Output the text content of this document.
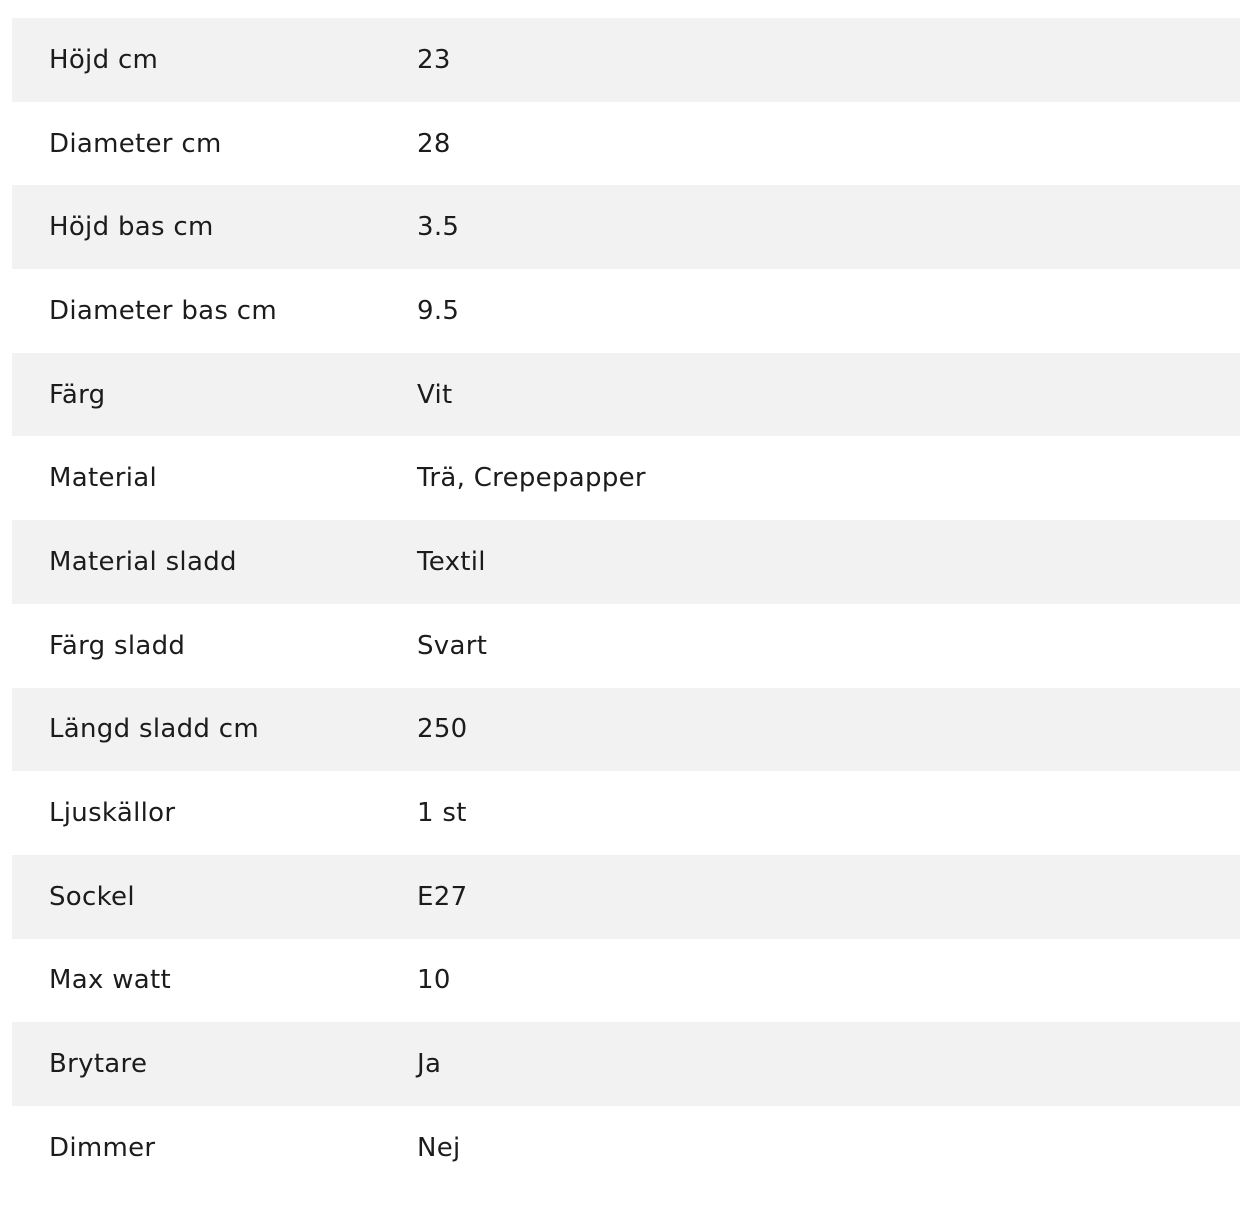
Höjd cm	23
Diameter cm	28
Höjd bas cm	3.5
Diameter bas cm	9.5
Färg	Vit
Material	Trä, Crepepapper
Material sladd	Textil
Färg sladd	Svart
Längd sladd cm	250
Ljuskällor	1 st
Sockel	E27
Max watt	10
Brytare	Ja
Dimmer	Nej
